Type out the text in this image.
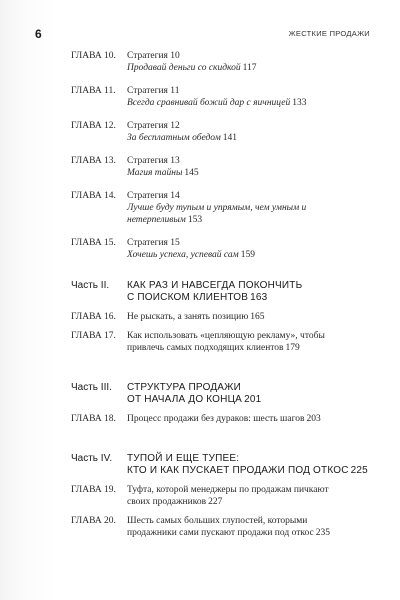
6	ЖЕСТКИЕ ПРОДАЖИ
ГЛАВА 10.	Стратегия 10
Продавай деньги со скидкой 117
ГЛАВА 11.	Стратегия 11
Всегда сравнивай божий дар с яичницей 133
ГЛАВА 12.	Стратегия 12
За бесплатным обедом 141
ГЛАВА 13.	Стратегия 13
Магия тайны 145
ГЛАВА 14.	Стратегия 14
Лучше буду тупым и упрямым, чем умным и
нетерпеливым 153
ГЛАВА 15.	Стратегия 15
Хочешь успеха, успевай сам 159
Часть II.	КАК РАЗ И НАВСЕГДА ПОКОНЧИТЬ
С ПОИСКОМ КЛИЕНТОВ 163
ГЛАВА 16.	Не рыскать, а занять позицию 165
ГЛАВА 17.	Как использовать «цепляющую рекламу», чтобы
привлечь самых подходящих клиентов 179
Часть III.	СТРУКТУРА ПРОДАЖИ
ОТ НАЧАЛА ДО КОНЦА 201
ГЛАВА 18.	Процесс продажи без дураков: шесть шагов 203
Часть IV.	ТУПОЙ И ЕЩЕ ТУПЕЕ:
КТО И КАК ПУСКАЕТ ПРОДАЖИ ПОД ОТКОС 225
ГЛАВА 19.	Туфта, которой менеджеры по продажам пичкают
своих продажников 227
ГЛАВА 20.	Шесть самых больших глупостей, которыми
продажники сами пускают продажи под откос 235
